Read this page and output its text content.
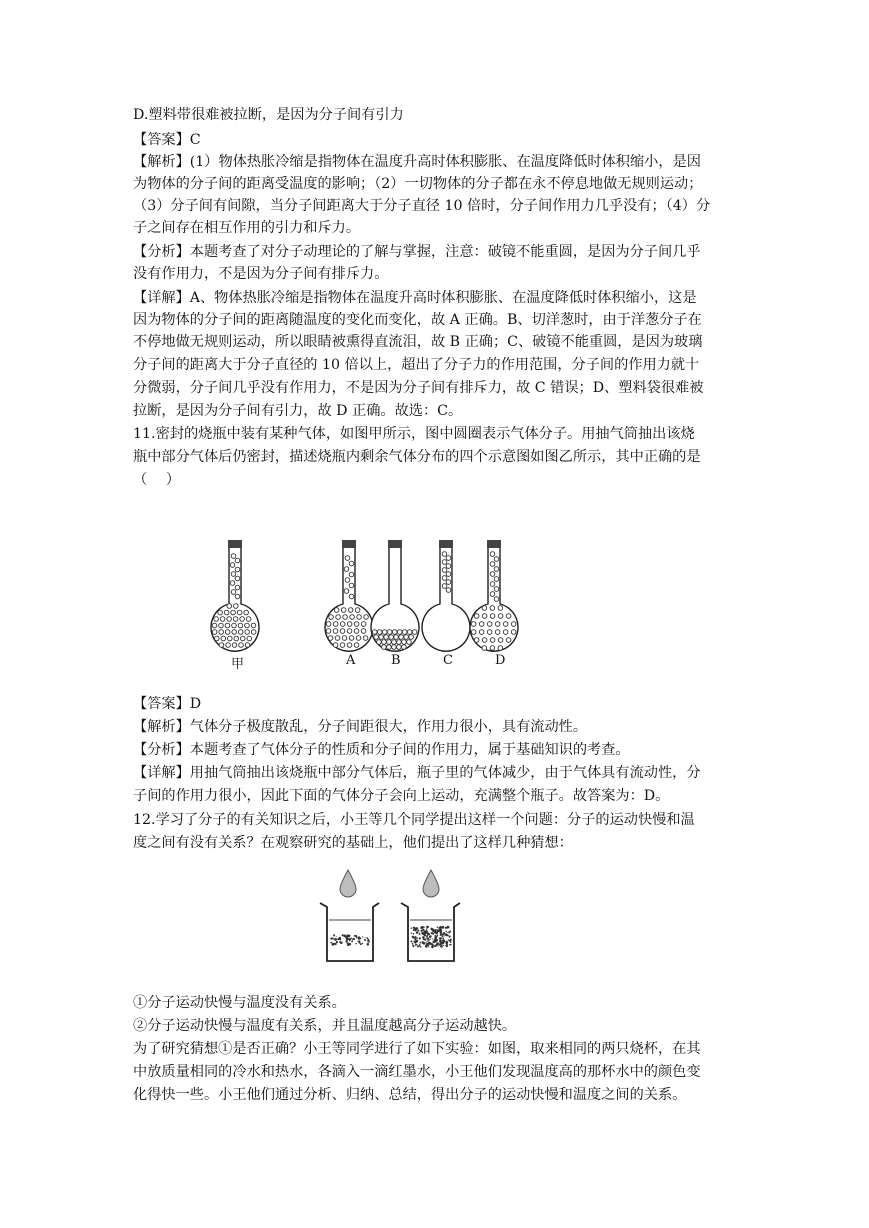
D.塑料带很难被拉断，是因为分子间有引力
【答案】C
【解析】(1）物体热胀冷缩是指物体在温度升高时体积膨胀、在温度降低时体积缩小，是因
为物体的分子间的距离受温度的影响；（2）一切物体的分子都在永不停息地做无规则运动；
（3）分子间有间隙，当分子间距离大于分子直径 10 倍时，分子间作用力几乎没有；（4）分
子之间存在相互作用的引力和斥力。
【分析】本题考查了对分子动理论的了解与掌握，注意：破镜不能重圆，是因为分子间几乎
没有作用力，不是因为分子间有排斥力。
【详解】A、物体热胀冷缩是指物体在温度升高时体积膨胀、在温度降低时体积缩小，这是
因为物体的分子间的距离随温度的变化而变化，故 A 正确。B、切洋葱时，由于洋葱分子在
不停地做无规则运动，所以眼睛被熏得直流泪，故 B 正确；C、破镜不能重圆，是因为玻璃
分子间的距离大于分子直径的 10 倍以上，超出了分子力的作用范围，分子间的作用力就十
分微弱，分子间几乎没有作用力，不是因为分子间有排斥力，故 C 错误；D、塑料袋很难被
拉断，是因为分子间有引力，故 D 正确。故选：C。
11.密封的烧瓶中装有某种气体，如图甲所示，图中圆圈表示气体分子。用抽气筒抽出该烧
瓶中部分气体后仍密封，描述烧瓶内剩余气体分布的四个示意图如图乙所示，其中正确的是
（　 ）
甲	A	B	C	D
【答案】D
【解析】气体分子极度散乱，分子间距很大，作用力很小，具有流动性。
【分析】本题考查了气体分子的性质和分子间的作用力，属于基础知识的考查。
【详解】用抽气筒抽出该烧瓶中部分气体后，瓶子里的气体减少，由于气体具有流动性，分
子间的作用力很小，因此下面的气体分子会向上运动，充满整个瓶子。故答案为：D。
12.学习了分子的有关知识之后，小王等几个同学提出这样一个问题：分子的运动快慢和温
度之间有没有关系？在观察研究的基础上，他们提出了这样几种猜想：
①分子运动快慢与温度没有关系。
②分子运动快慢与温度有关系，并且温度越高分子运动越快。
为了研究猜想①是否正确？小王等同学进行了如下实验：如图，取来相同的两只烧杯，在其
中放质量相同的冷水和热水，各滴入一滴红墨水，小王他们发现温度高的那杯水中的颜色变
化得快一些。小王他们通过分析、归纳、总结，得出分子的运动快慢和温度之间的关系。
